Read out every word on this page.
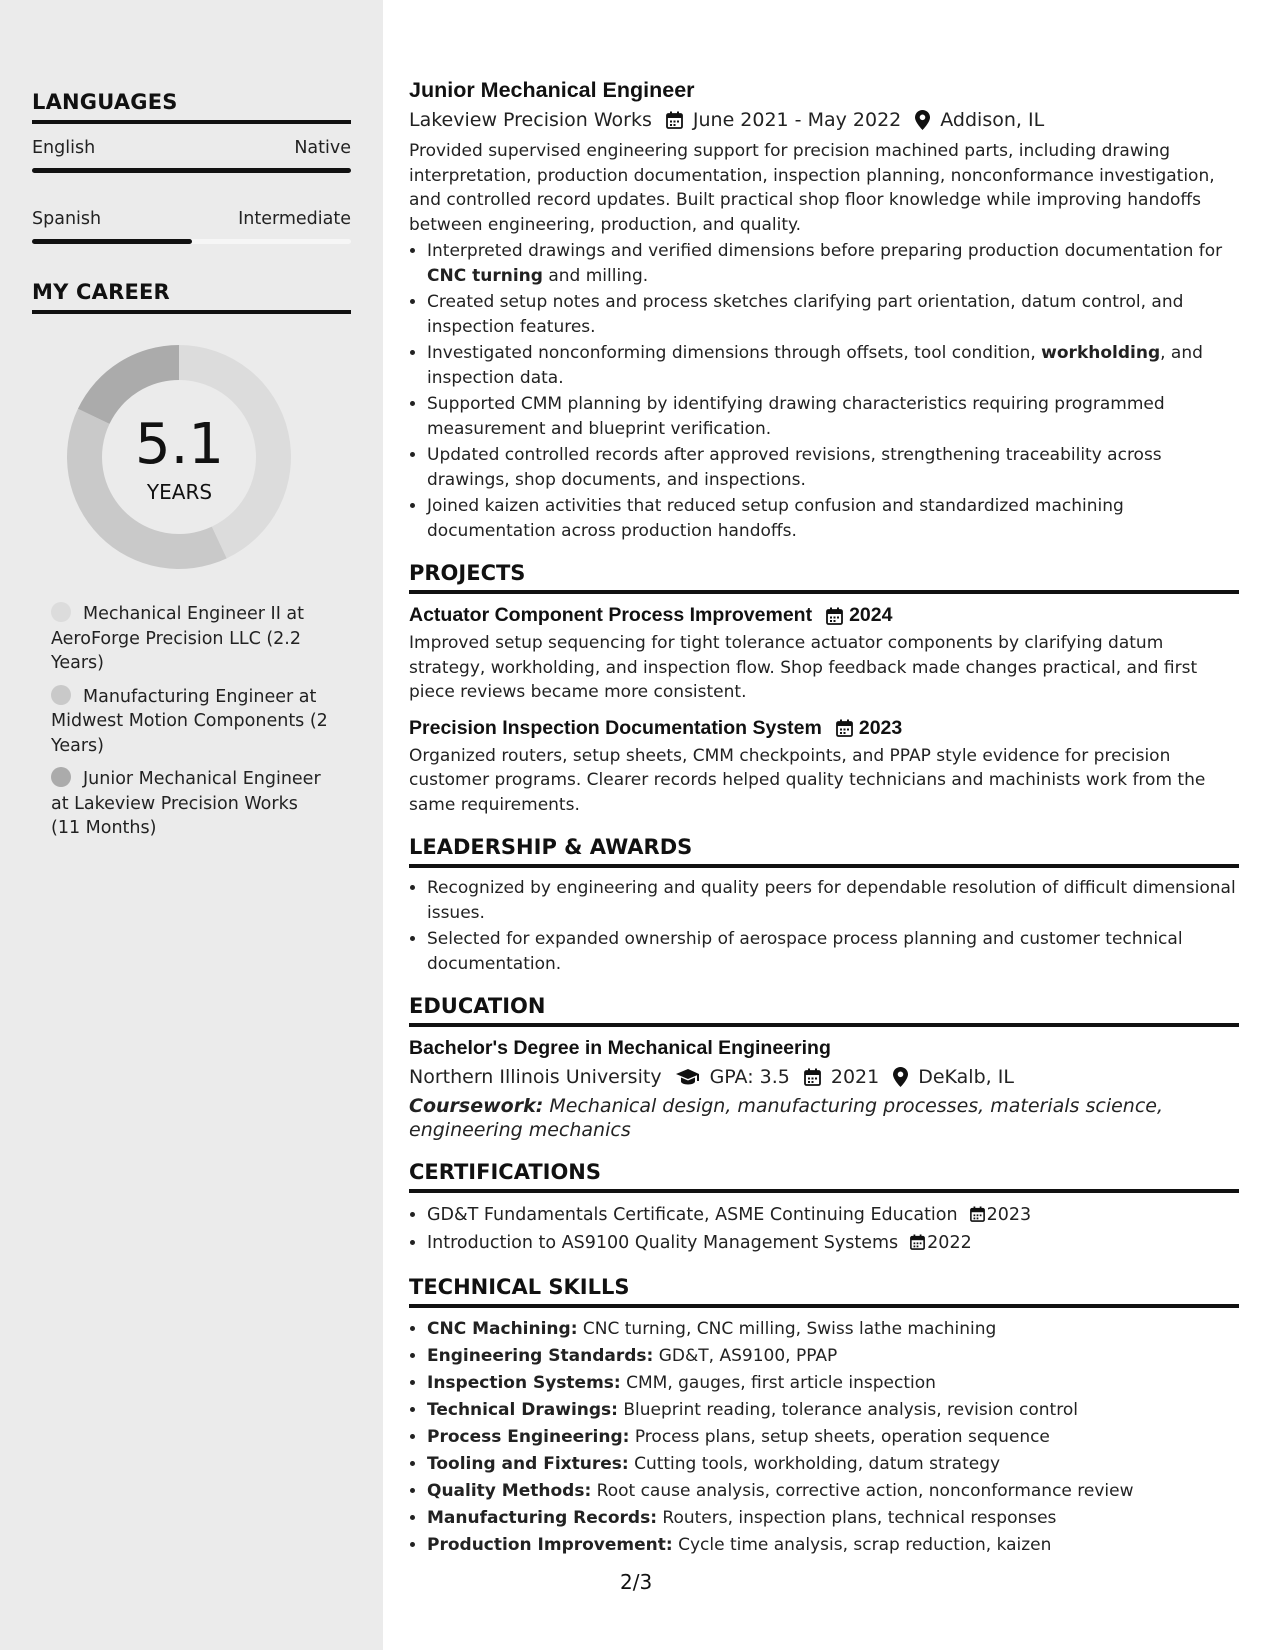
LANGUAGES
English	Native
Spanish	Intermediate
MY CAREER
5.1
YEARS
Mechanical Engineer II at AeroForge Precision LLC (2.2 Years)
Manufacturing Engineer at Midwest Motion Components (2 Years)
Junior Mechanical Engineer at Lakeview Precision Works (11 Months)
Junior Mechanical Engineer
Lakeview Precision Works June 2021 - May 2022 Addison, IL

Provided supervised engineering support for precision machined parts, including drawing interpretation, production documentation, inspection planning, nonconformance investigation, and controlled record updates. Built practical shop floor knowledge while improving handoffs between engineering, production, and quality.

• Interpreted drawings and verified dimensions before preparing production documentation for CNC turning and milling.
• Created setup notes and process sketches clarifying part orientation, datum control, and inspection features.
• Investigated nonconforming dimensions through offsets, tool condition, workholding, and inspection data.
• Supported CMM planning by identifying drawing characteristics requiring programmed measurement and blueprint verification.
• Updated controlled records after approved revisions, strengthening traceability across drawings, shop documents, and inspections.
• Joined kaizen activities that reduced setup confusion and standardized machining documentation across production handoffs.
PROJECTS
Actuator Component Process Improvement 2024

Improved setup sequencing for tight tolerance actuator components by clarifying datum strategy, workholding, and inspection flow. Shop feedback made changes practical, and first piece reviews became more consistent.

Precision Inspection Documentation System 2023

Organized routers, setup sheets, CMM checkpoints, and PPAP style evidence for precision customer programs. Clearer records helped quality technicians and machinists work from the same requirements.

LEADERSHIP & AWARDS
• Recognized by engineering and quality peers for dependable resolution of difficult dimensional issues.
• Selected for expanded ownership of aerospace process planning and customer technical documentation.
EDUCATION
Bachelor's Degree in Mechanical Engineering
Northern Illinois University	GPA: 3.5 2021 DeKalb, IL
Coursework: Mechanical design, manufacturing processes, materials science, engineering mechanics
CERTIFICATIONS
• GD&T Fundamentals Certificate, ASME Continuing Education 2023
• Introduction to AS9100 Quality Management Systems 2022
TECHNICAL SKILLS
• CNC Machining: CNC turning, CNC milling, Swiss lathe machining
• Engineering Standards: GD&T, AS9100, PPAP
• Inspection Systems: CMM, gauges, first article inspection
• Technical Drawings: Blueprint reading, tolerance analysis, revision control
• Process Engineering: Process plans, setup sheets, operation sequence
• Tooling and Fixtures: Cutting tools, workholding, datum strategy
• Quality Methods: Root cause analysis, corrective action, nonconformance review
• Manufacturing Records: Routers, inspection plans, technical responses
• Production Improvement: Cycle time analysis, scrap reduction, kaizen
2/3
